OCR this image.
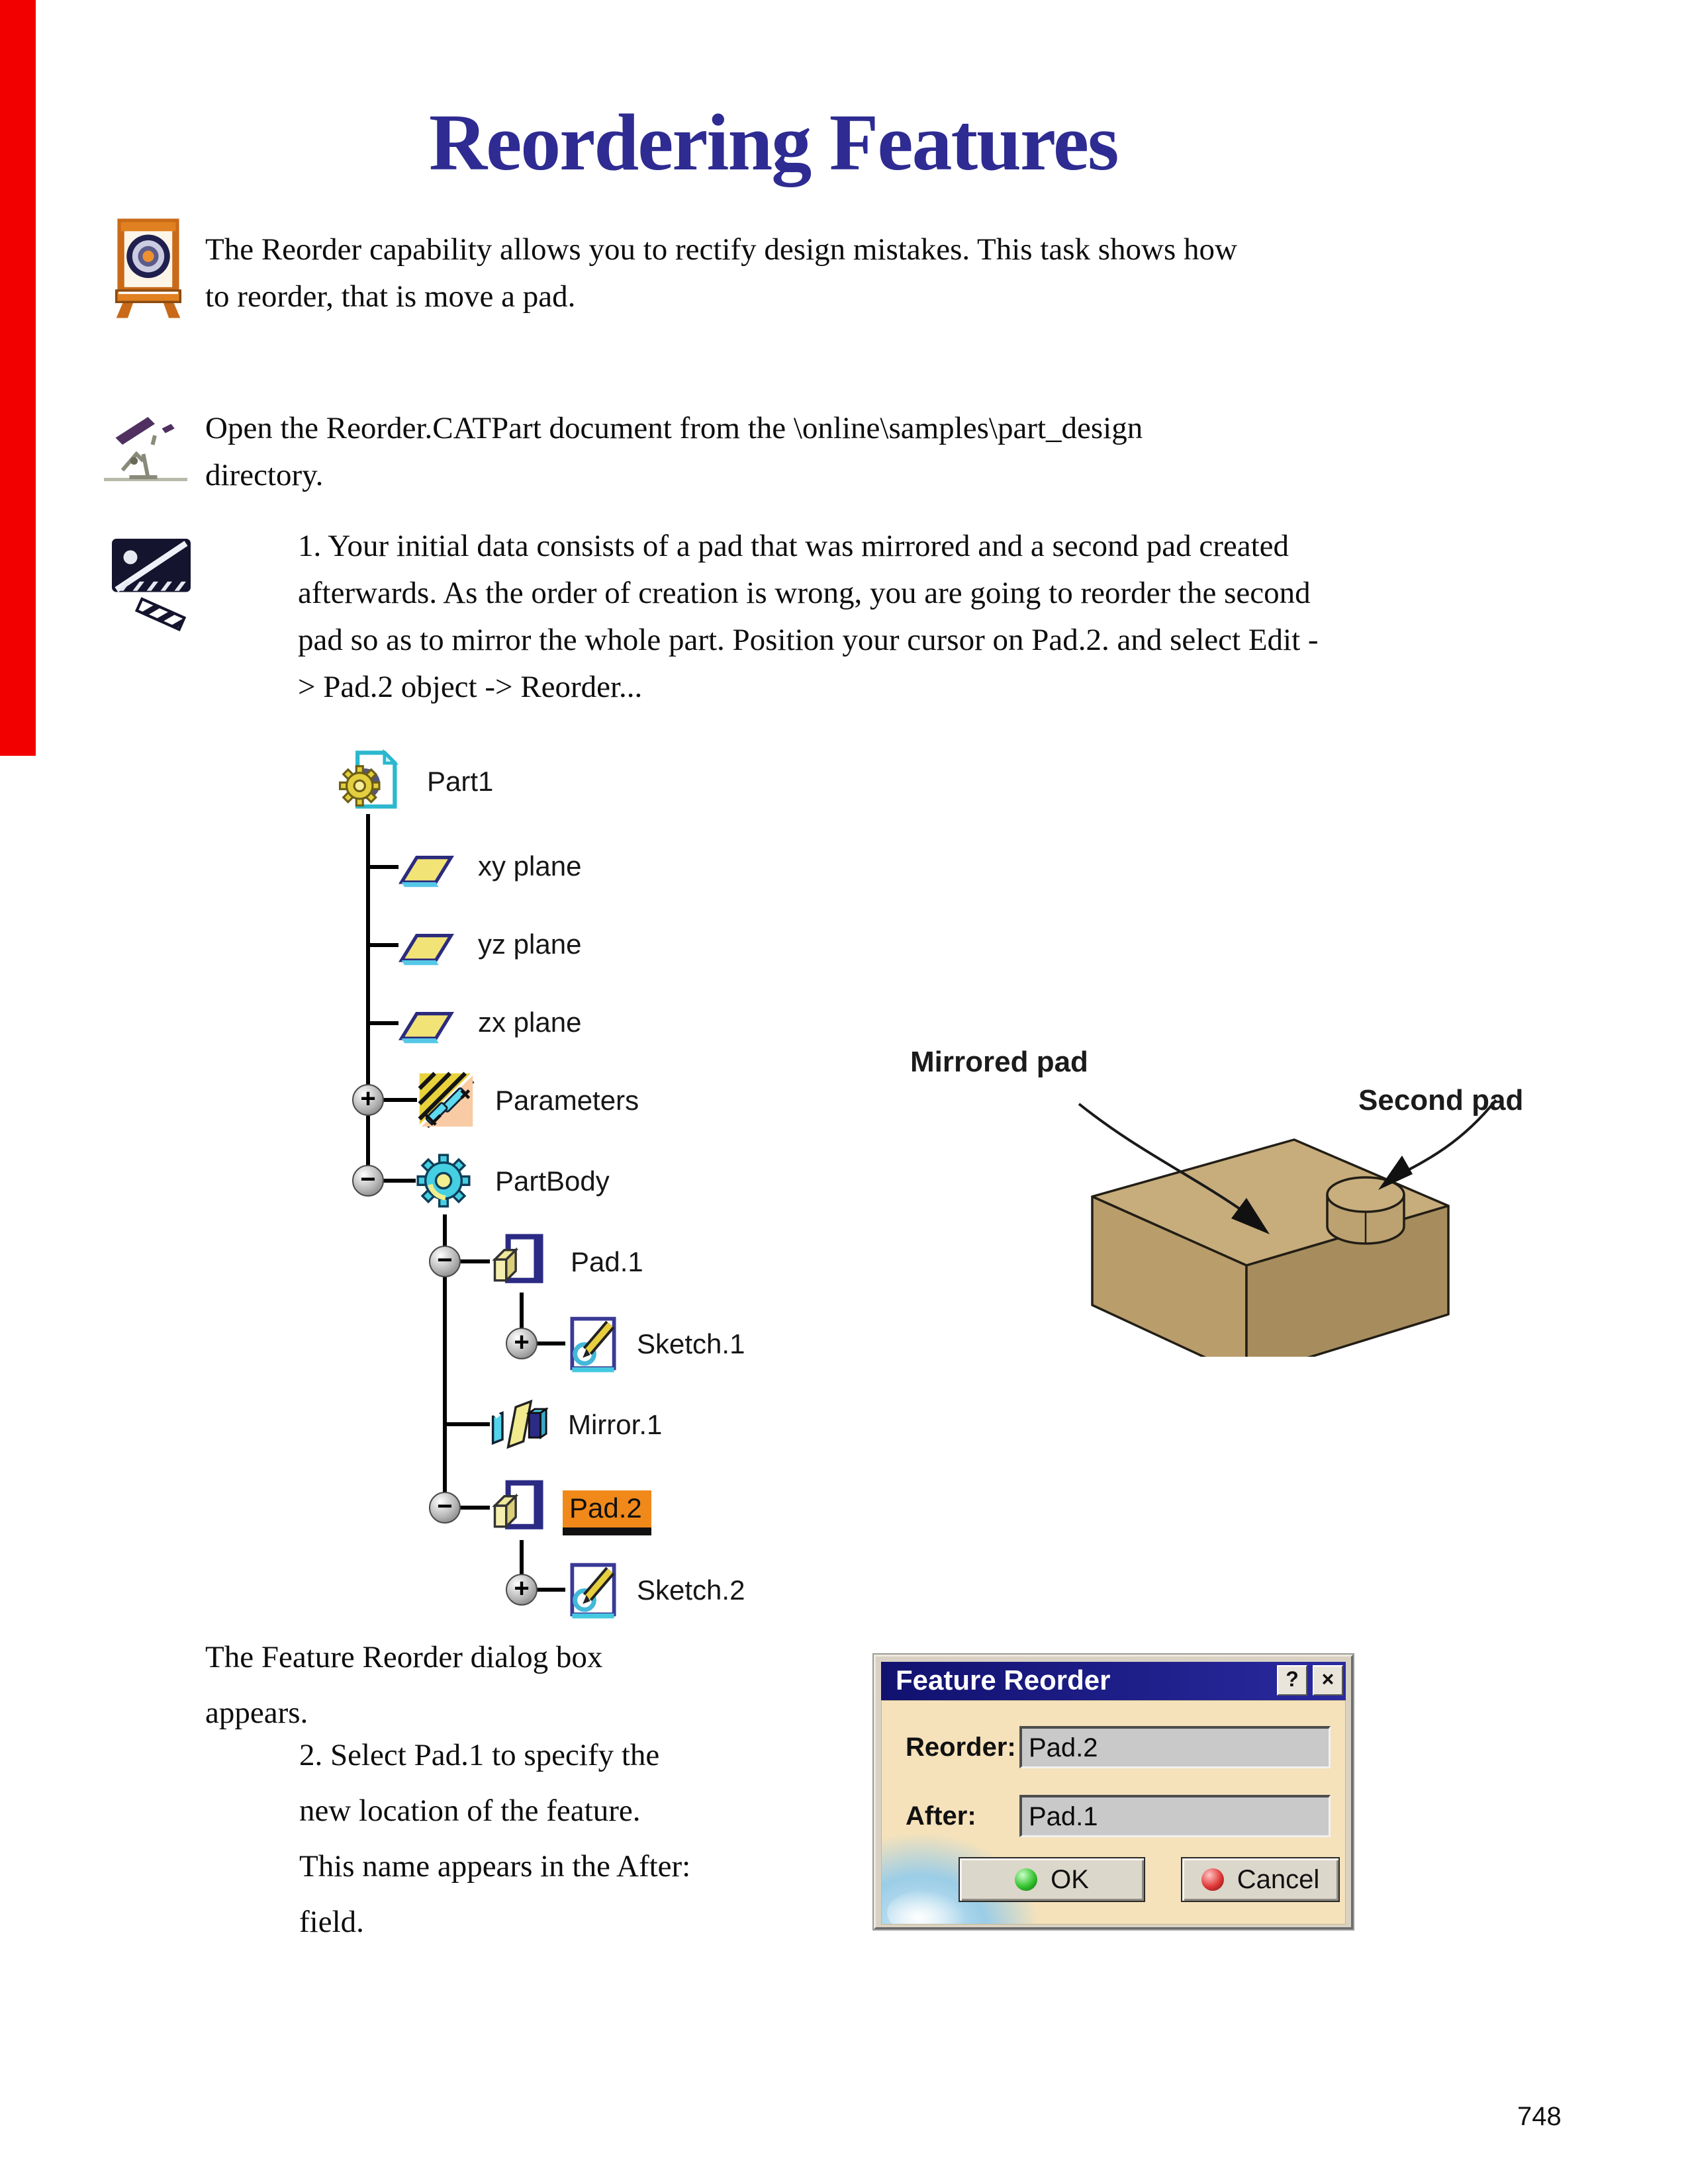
Reordering Features
The Reorder capability allows you to rectify design mistakes. This task shows how
to reorder, that is move a pad.
Open the Reorder.CATPart document from the \online\samples\part_design
directory.
1. Your initial data consists of a pad that was mirrored and a second pad created
afterwards. As the order of creation is wrong, you are going to reorder the second
pad so as to mirror the whole part. Position your cursor on Pad.2. and select Edit -
> Pad.2 object -> Reorder...
Part1
xy plane
yz plane
zx plane
+	Parameters
−	PartBody
−	Pad.1
+	Sketch.1
Mirror.1
−	Pad.2
+	Sketch.2
Mirrored pad
Second pad
The Feature Reorder dialog box
appears.
2. Select Pad.1 to specify the
new location of the feature.
This name appears in the After:
field.
Feature Reorder	?	×
Reorder: Pad.2
After:	Pad.1
OK	Cancel
748
